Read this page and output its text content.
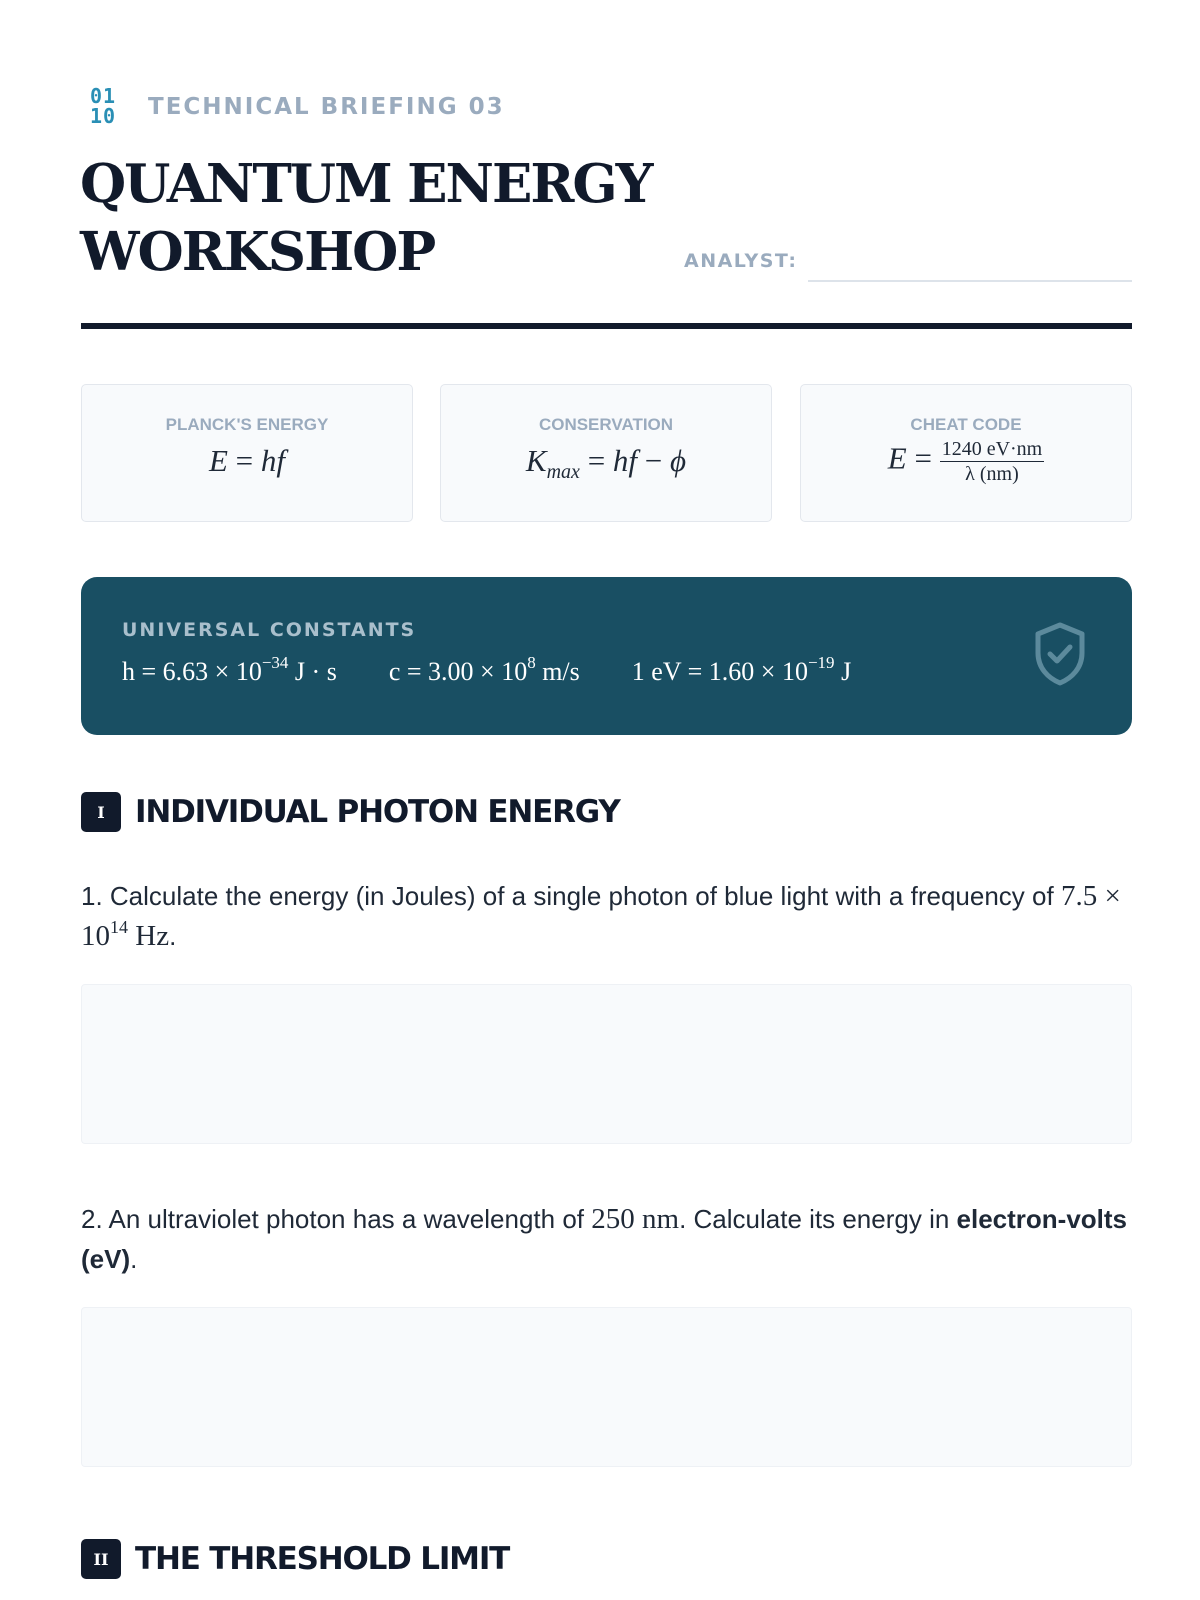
01
10	TECHNICAL BRIEFING 03
QUANTUM ENERGY
WORKSHOP	ANALYST:
PLANCK'S ENERGY
E = hf
CONSERVATION
$K_{max}$ = hf − ϕ
CHEAT CODE
$E = \frac{1240 eV\cdot nm}{\lambda (nm)}$
UNIVERSAL CONSTANTS
$h = 6.63 \times 10^{-34}$ J · s $c = 3.00 \times 10^8$ m/s 1 eV = $1.60 \times 10^{-19}$ J
I INDIVIDUAL PHOTON ENERGY

1. Calculate the energy (in Joules) of a single photon of blue light with a frequency of $7.5 \times 10^{14}$ Hz.

2. An ultraviolet photon has a wavelength of 250 nm. Calculate its energy in electron-volts (eV).

II THE THRESHOLD LIMIT
